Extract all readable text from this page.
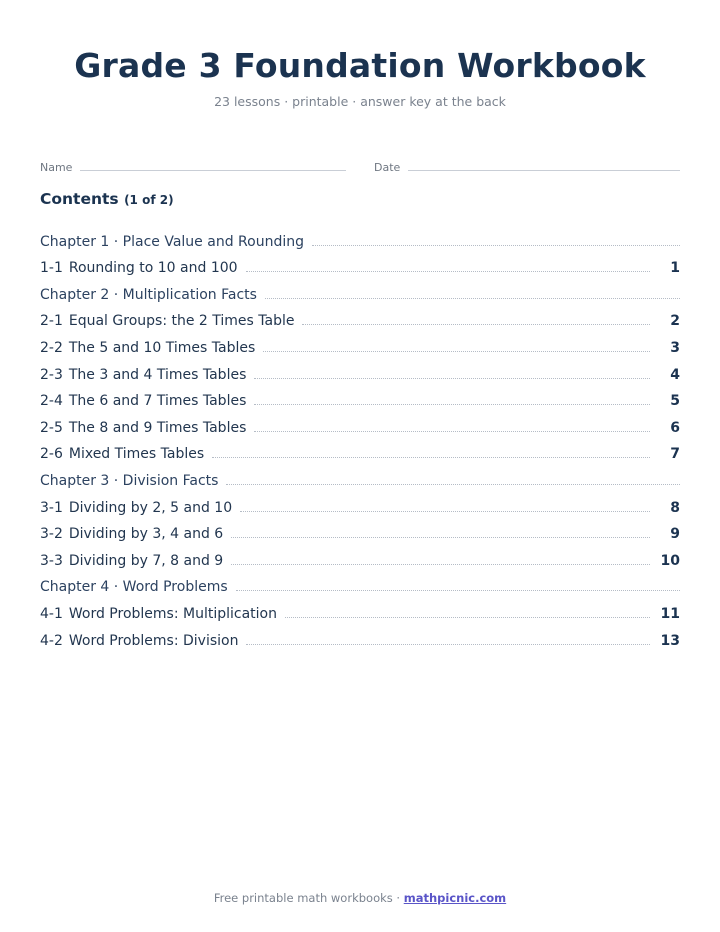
Grade 3 Foundation Workbook
23 lessons · printable · answer key at the back
Name	Date
Contents (1 of 2)
Chapter 1 · Place Value and Rounding
1-1 Rounding to 10 and 100	1
Chapter 2 · Multiplication Facts
2-1 Equal Groups: the 2 Times Table	2
2-2 The 5 and 10 Times Tables	3
2-3 The 3 and 4 Times Tables	4
2-4 The 6 and 7 Times Tables	5
2-5 The 8 and 9 Times Tables	6
2-6 Mixed Times Tables	7
Chapter 3 · Division Facts
3-1 Dividing by 2, 5 and 10	8
3-2 Dividing by 3, 4 and 6	9
3-3 Dividing by 7, 8 and 9	10
Chapter 4 · Word Problems
4-1 Word Problems: Multiplication	11
4-2 Word Problems: Division	13
Free printable math workbooks · mathpicnic.com
